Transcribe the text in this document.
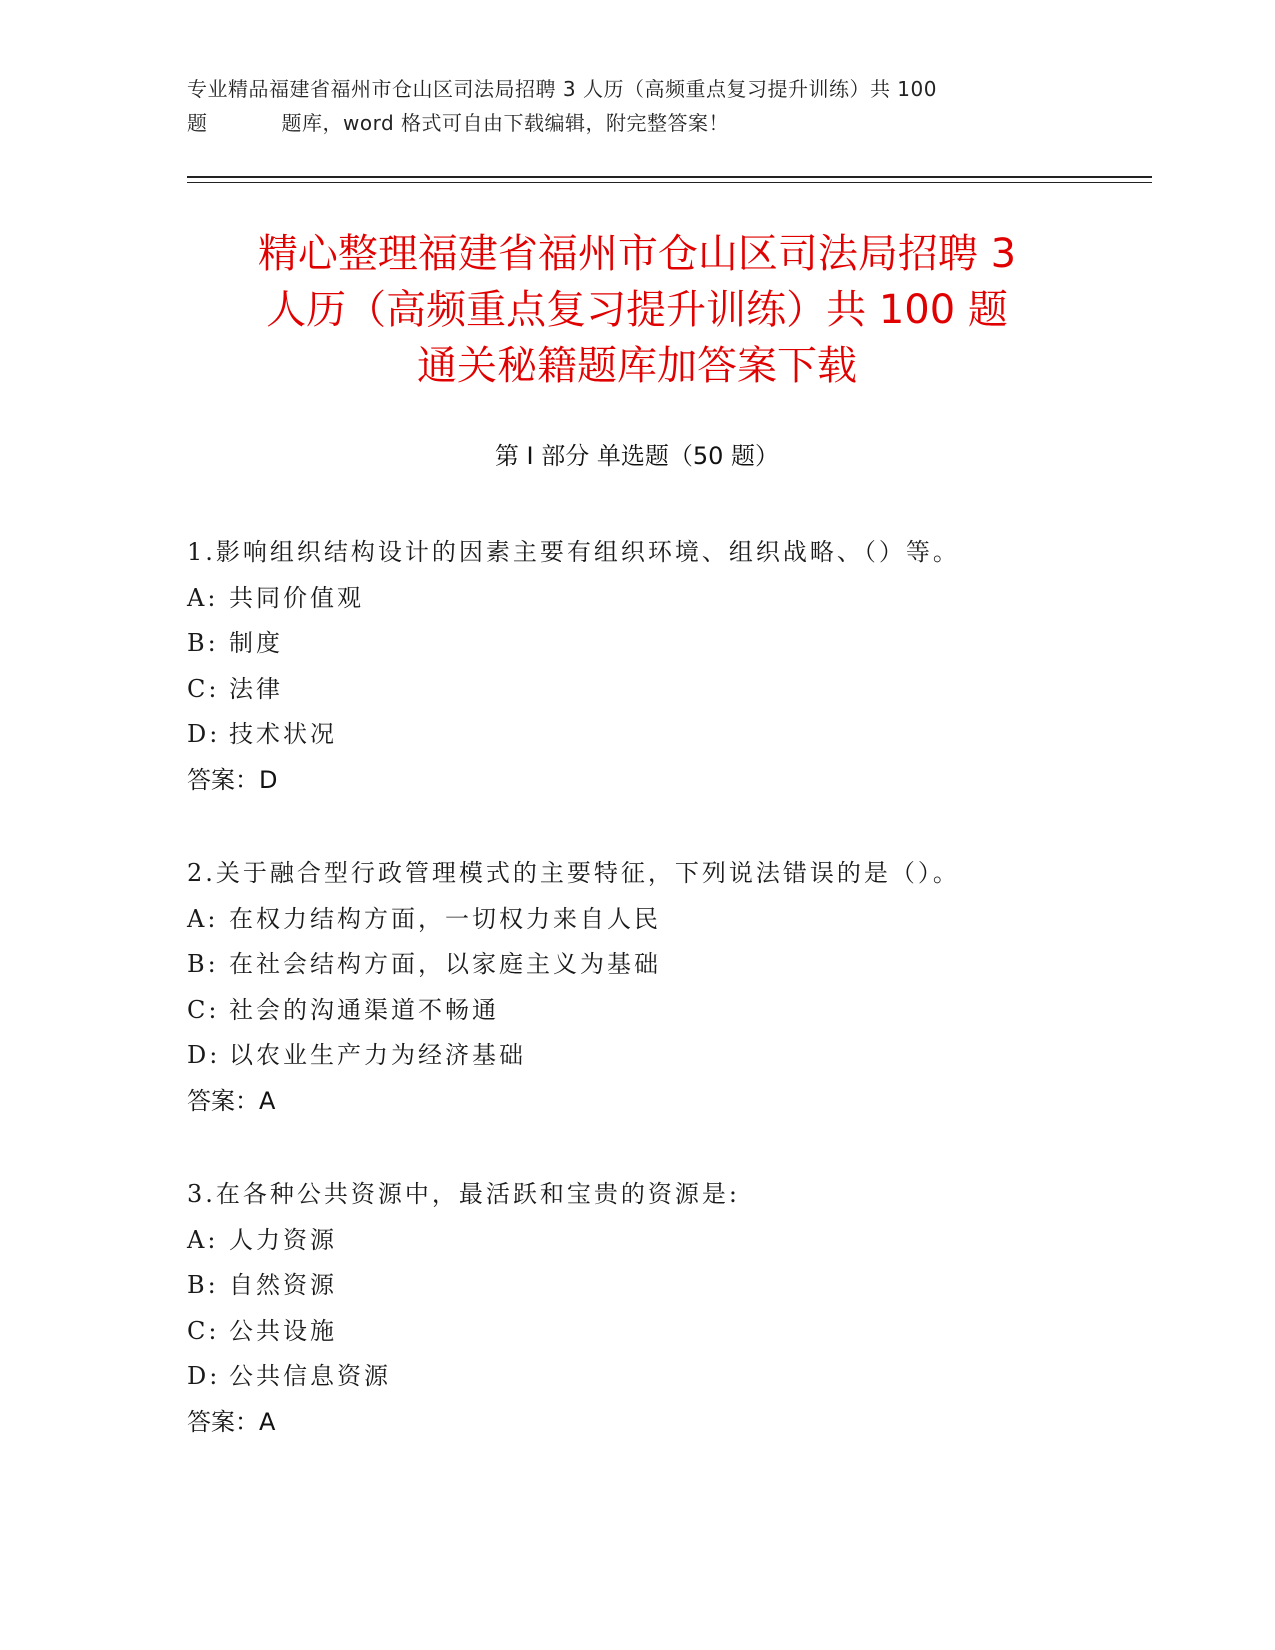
专业精品福建省福州市仓山区司法局招聘 3 人历（高频重点复习提升训练）共 100
题	题库，word 格式可自由下载编辑，附完整答案！
精心整理福建省福州市仓山区司法局招聘 3
人历（高频重点复习提升训练）共 100 题
通关秘籍题库加答案下载
第 I 部分 单选题（50 题）
1.影响组织结构设计的因素主要有组织环境、组织战略、（）等。
A: 共同价值观
B: 制度
C: 法律
D: 技术状况
答案：D
2.关于融合型行政管理模式的主要特征，下列说法错误的是（）。
A: 在权力结构方面，一切权力来自人民
B: 在社会结构方面，以家庭主义为基础
C: 社会的沟通渠道不畅通
D: 以农业生产力为经济基础
答案：A
3.在各种公共资源中，最活跃和宝贵的资源是:
A: 人力资源
B: 自然资源
C: 公共设施
D: 公共信息资源
答案：A
